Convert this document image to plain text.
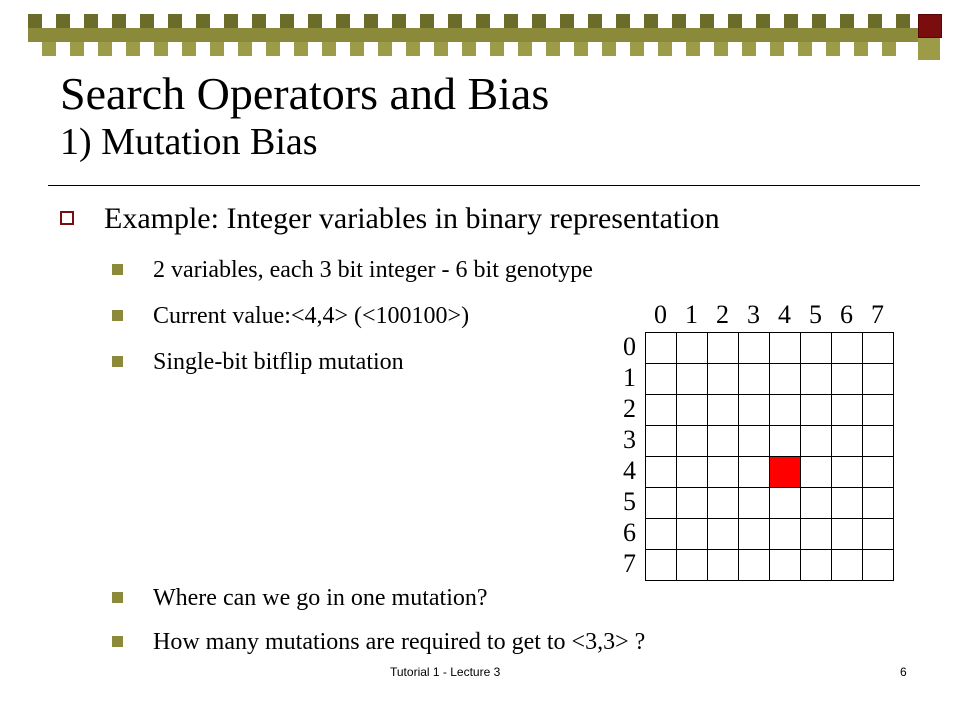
Search Operators and Bias
1) Mutation Bias
Example: Integer variables in binary representation
2 variables, each 3 bit integer - 6 bit genotype
Current value:<4,4> (<100100>)
Single-bit bitflip mutation
Where can we go in one mutation?
How many mutations are required to get to <3,3> ?
0 1 2 3 4 5 6 7
0
1
2
3
4
5
6
7
Tutorial 1 - Lecture 3	6
